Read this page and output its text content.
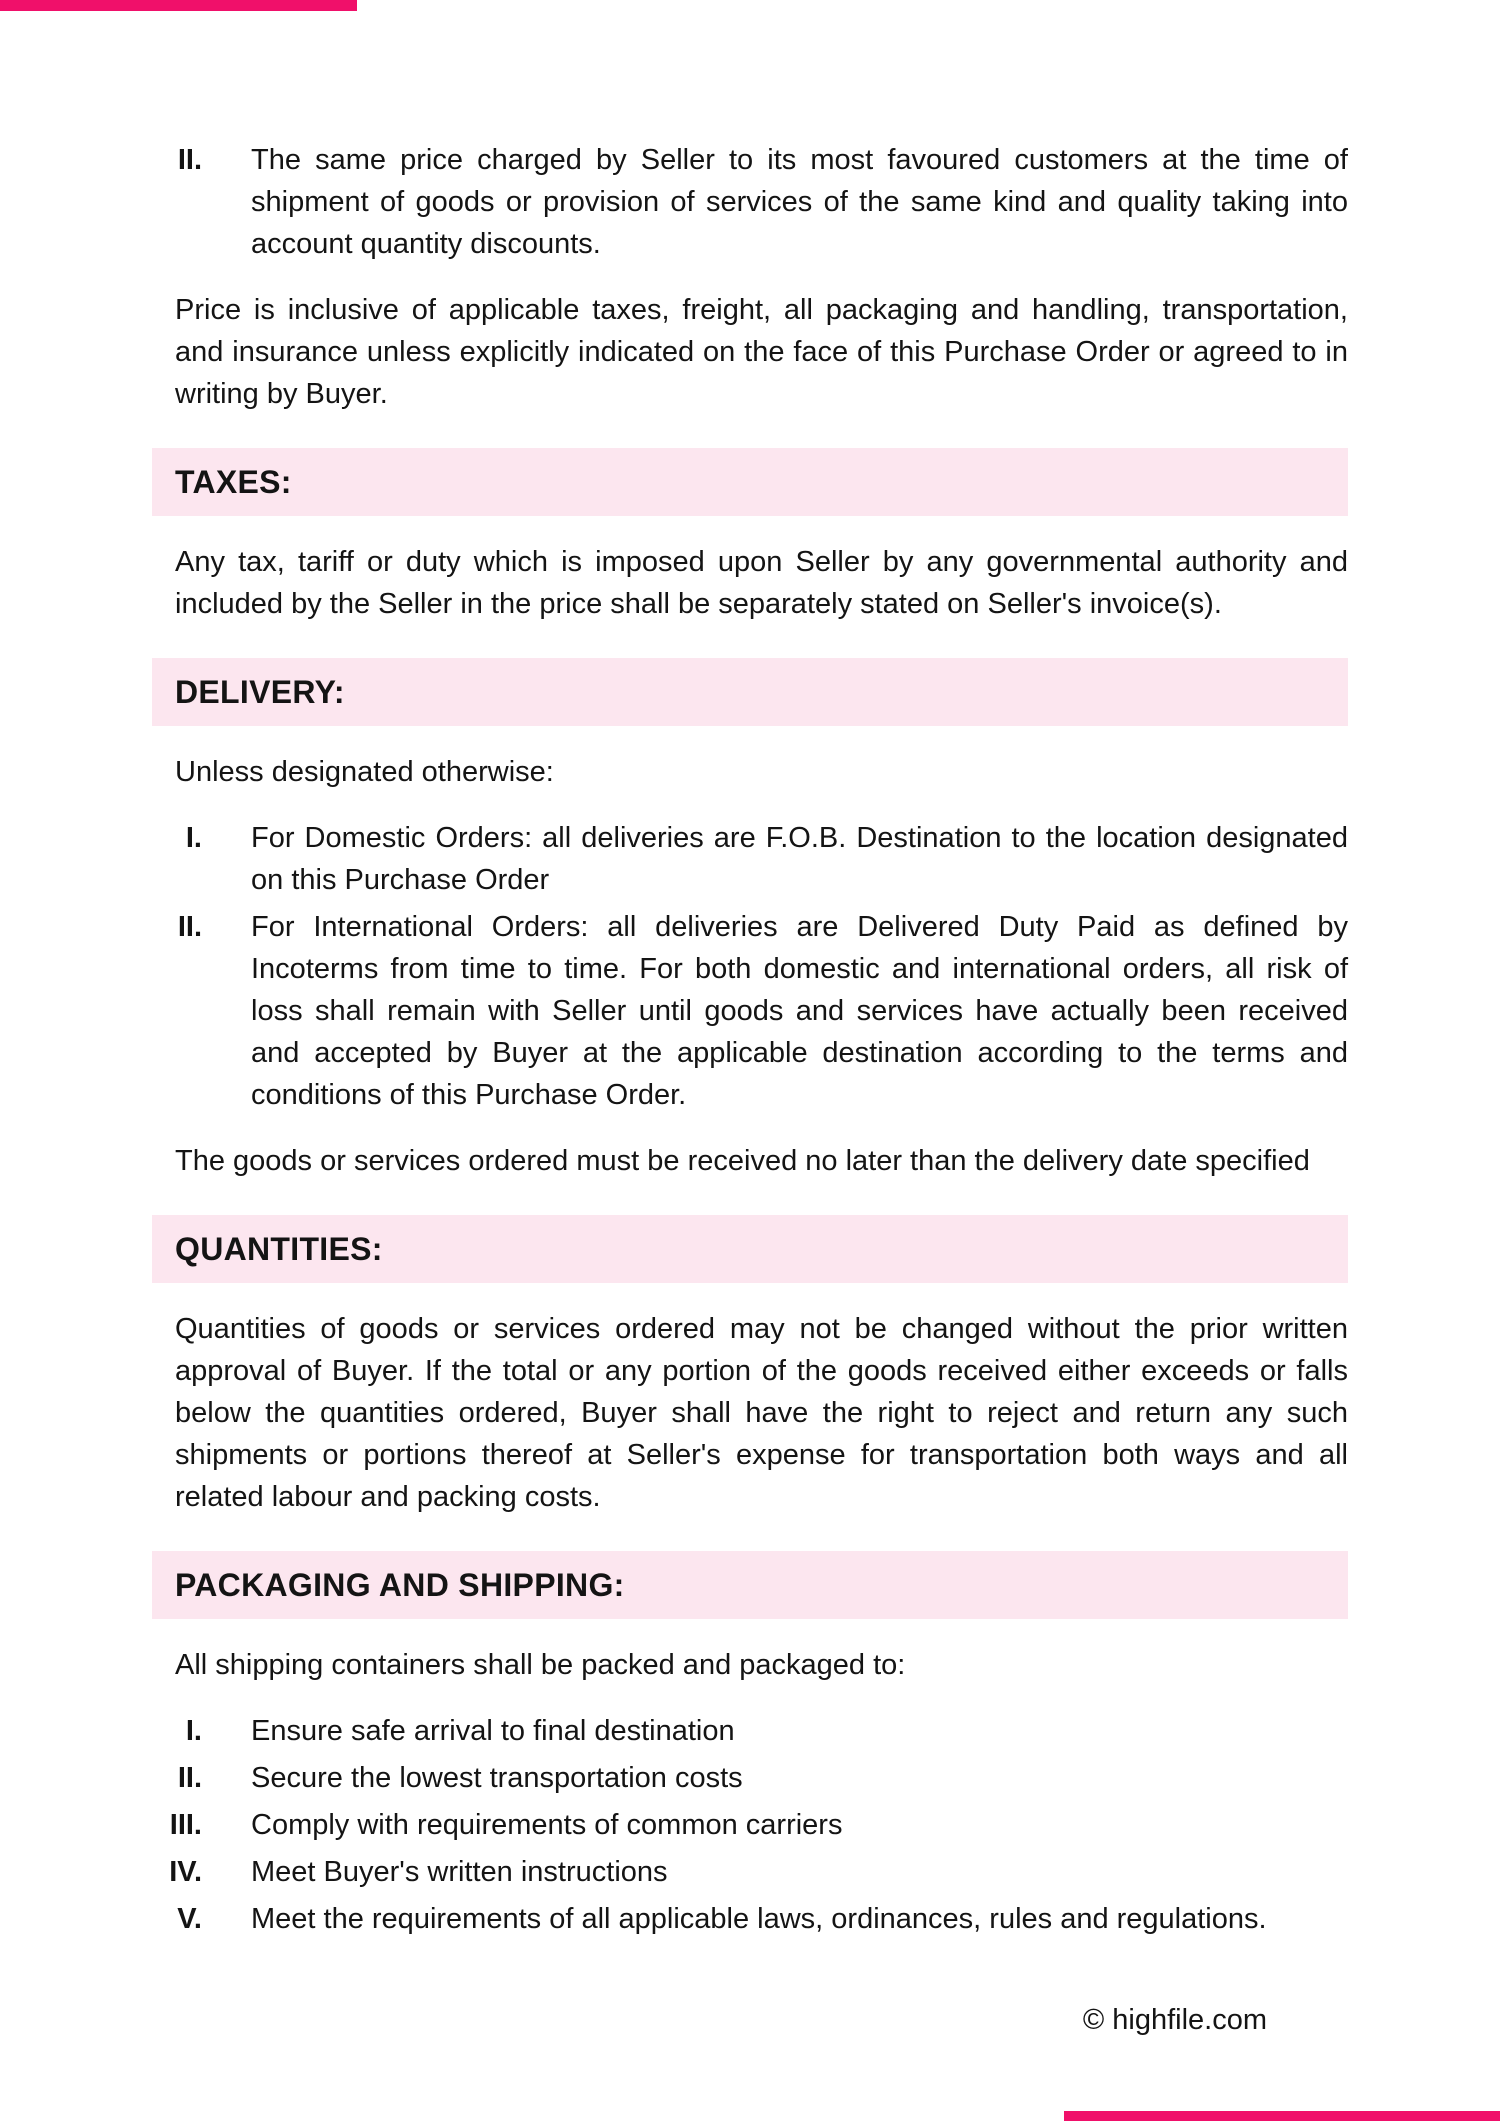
II. The same price charged by Seller to its most favoured customers at the time of shipment of goods or provision of services of the same kind and quality taking into account quantity discounts.

Price is inclusive of applicable taxes, freight, all packaging and handling, transportation, and insurance unless explicitly indicated on the face of this Purchase Order or agreed to in writing by Buyer.

TAXES:

Any tax, tariff or duty which is imposed upon Seller by any governmental authority and included by the Seller in the price shall be separately stated on Seller's invoice(s).

DELIVERY:

Unless designated otherwise:

I. For Domestic Orders: all deliveries are F.O.B. Destination to the location designated on this Purchase Order
II. For International Orders: all deliveries are Delivered Duty Paid as defined by Incoterms from time to time. For both domestic and international orders, all risk of loss shall remain with Seller until goods and services have actually been received and accepted by Buyer at the applicable destination according to the terms and conditions of this Purchase Order.

The goods or services ordered must be received no later than the delivery date specified

QUANTITIES:

Quantities of goods or services ordered may not be changed without the prior written approval of Buyer. If the total or any portion of the goods received either exceeds or falls below the quantities ordered, Buyer shall have the right to reject and return any such shipments or portions thereof at Seller's expense for transportation both ways and all related labour and packing costs.

PACKAGING AND SHIPPING:

All shipping containers shall be packed and packaged to:

I. Ensure safe arrival to final destination
II. Secure the lowest transportation costs
III. Comply with requirements of common carriers
IV. Meet Buyer's written instructions
V. Meet the requirements of all applicable laws, ordinances, rules and regulations.
© highfile.com
